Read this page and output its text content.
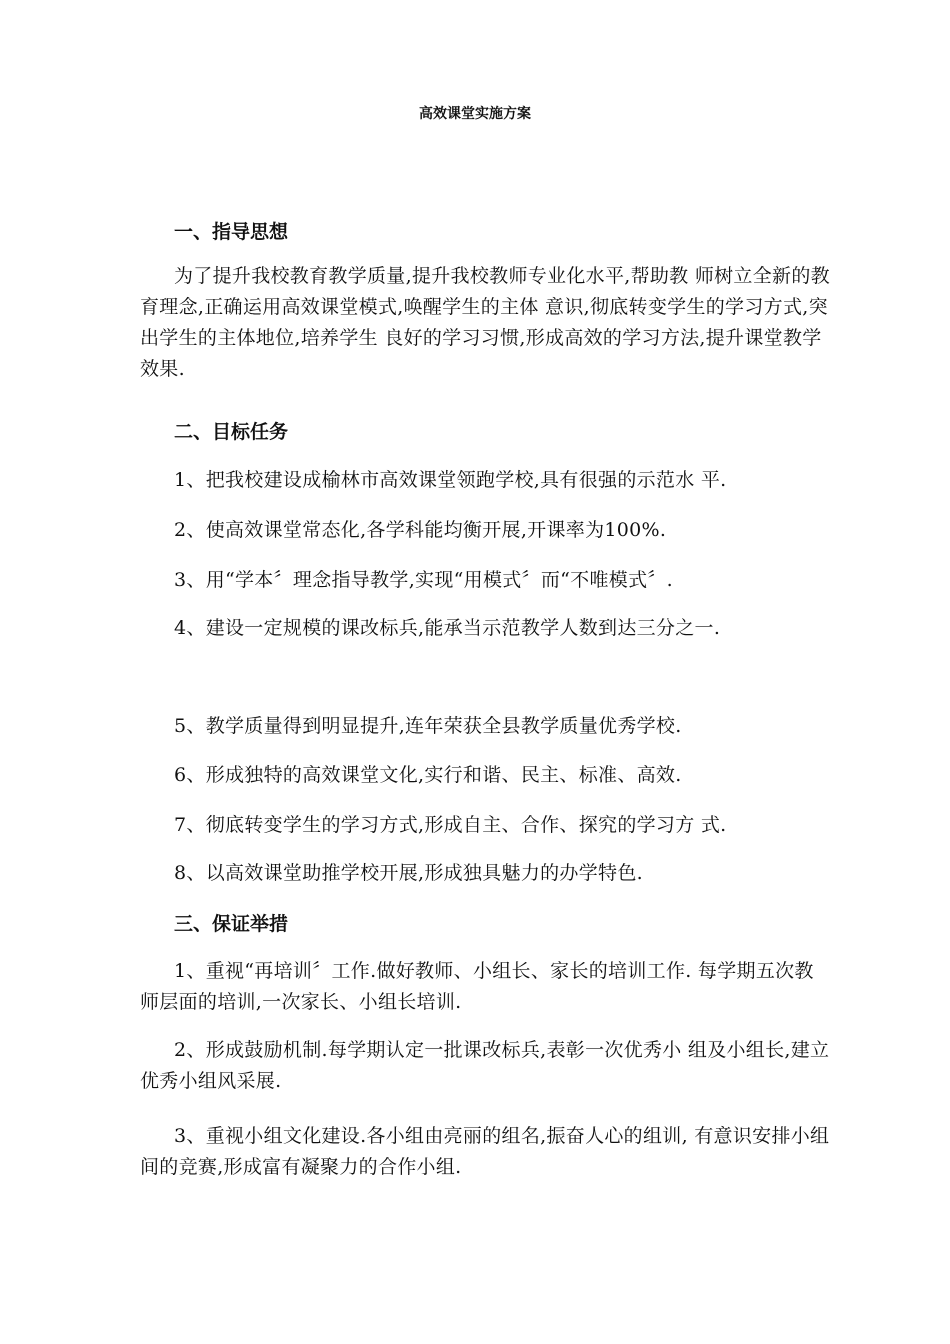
高效课堂实施方案
一、指导思想
为了提升我校教育教学质量,提升我校教师专业化水平,帮助教 师树立全新的教育理念,正确运用高效课堂模式,唤醒学生的主体 意识,彻底转变学生的学习方式,突出学生的主体地位,培养学生 良好的学习习惯,形成高效的学习方法,提升课堂教学效果.
二、目标任务
1、把我校建设成榆林市高效课堂领跑学校,具有很强的示范水 平.
2、使高效课堂常态化,各学科能均衡开展,开课率为100%.
3、用“学本〞理念指导教学,实现“用模式〞而“不唯模式〞.
4、建设一定规模的课改标兵,能承当示范教学人数到达三分之一.
5、教学质量得到明显提升,连年荣获全县教学质量优秀学校.
6、形成独特的高效课堂文化,实行和谐、民主、标准、高效.
7、彻底转变学生的学习方式,形成自主、合作、探究的学习方 式.
8、以高效课堂助推学校开展,形成独具魅力的办学特色.
三、保证举措
1、重视“再培训〞工作.做好教师、小组长、家长的培训工作. 每学期五次教师层面的培训,一次家长、小组长培训.
2、形成鼓励机制.每学期认定一批课改标兵,表彰一次优秀小 组及小组长,建立优秀小组风采展.
3、重视小组文化建设.各小组由亮丽的组名,振奋人心的组训, 有意识安排小组间的竞赛,形成富有凝聚力的合作小组.
